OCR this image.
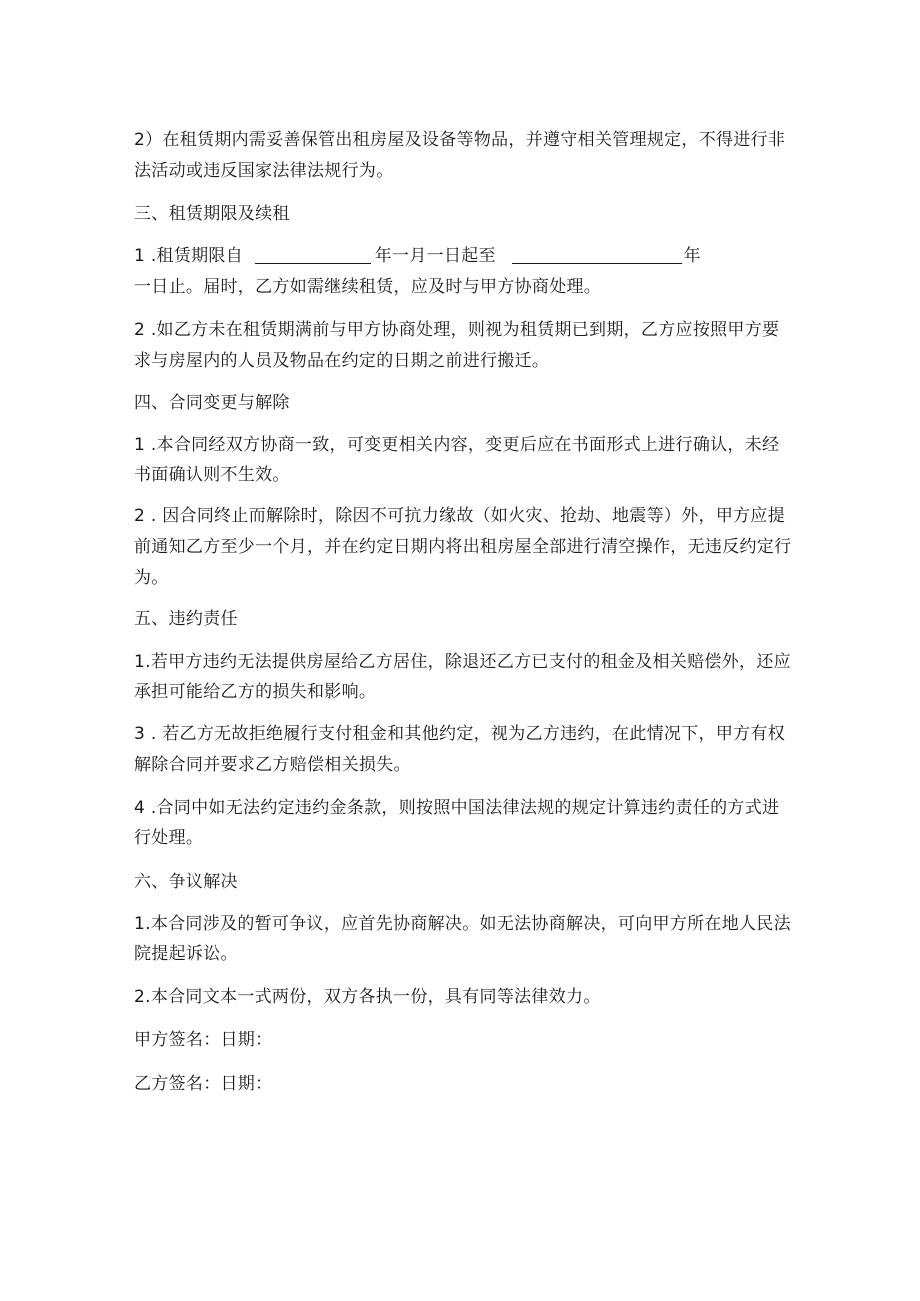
2）在租赁期内需妥善保管出租房屋及设备等物品，并遵守相关管理规定，不得进行非
法活动或违反国家法律法规行为。
三、租赁期限及续租
1 .租赁期限自	年一月一日起至	年
一日止。届时，乙方如需继续租赁，应及时与甲方协商处理。
2 .如乙方未在租赁期满前与甲方协商处理，则视为租赁期已到期，乙方应按照甲方要
求与房屋内的人员及物品在约定的日期之前进行搬迁。
四、合同变更与解除
1 .本合同经双方协商一致，可变更相关内容，变更后应在书面形式上进行确认，未经
书面确认则不生效。
2 . 因合同终止而解除时，除因不可抗力缘故（如火灾、抢劫、地震等）外，甲方应提
前通知乙方至少一个月，并在约定日期内将出租房屋全部进行清空操作，无违反约定行
为。
五、违约责任
1.若甲方违约无法提供房屋给乙方居住，除退还乙方已支付的租金及相关赔偿外，还应
承担可能给乙方的损失和影响。
3 . 若乙方无故拒绝履行支付租金和其他约定，视为乙方违约，在此情况下，甲方有权
解除合同并要求乙方赔偿相关损失。
4 .合同中如无法约定违约金条款，则按照中国法律法规的规定计算违约责任的方式进
行处理。
六、争议解决
1.本合同涉及的暂可争议，应首先协商解决。如无法协商解决，可向甲方所在地人民法
院提起诉讼。
2.本合同文本一式两份，双方各执一份，具有同等法律效力。
甲方签名：日期：
乙方签名：日期：
